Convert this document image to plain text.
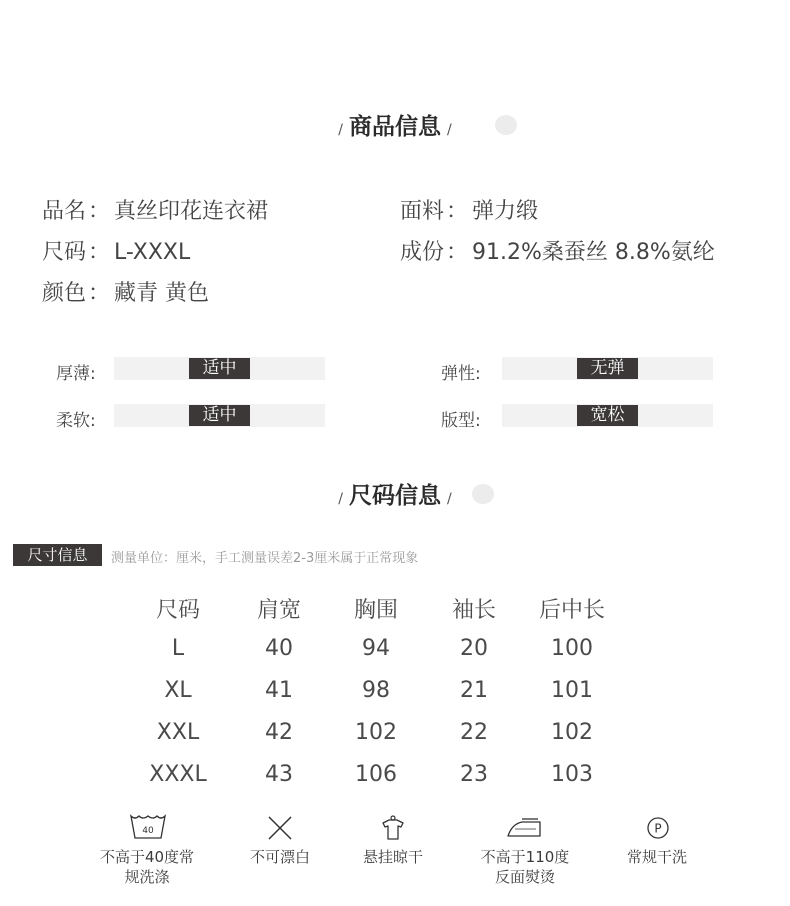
/ 商品信息 /
品名： 真丝印花连衣裙	面料： 弹力缎
尺码： L-XXXL	成份： 91.2%桑蚕丝 8.8%氨纶
颜色： 藏青 黄色
厚薄:	适中	弹性:	无弹
柔软:	适中	版型:	宽松
/ 尺码信息 /
尺寸信息	测量单位：厘米，手工测量误差2-3厘米属于正常现象
尺码	肩宽	胸围	袖长	后中长
L	40	94	20	100
XL	41	98	21	101
XXL	42	102	22	102
XXXL	43	106	23	103
40	P
不高于40度常
规洗涤
不可漂白	悬挂晾干	不高于110度
反面熨烫
常规干洗
